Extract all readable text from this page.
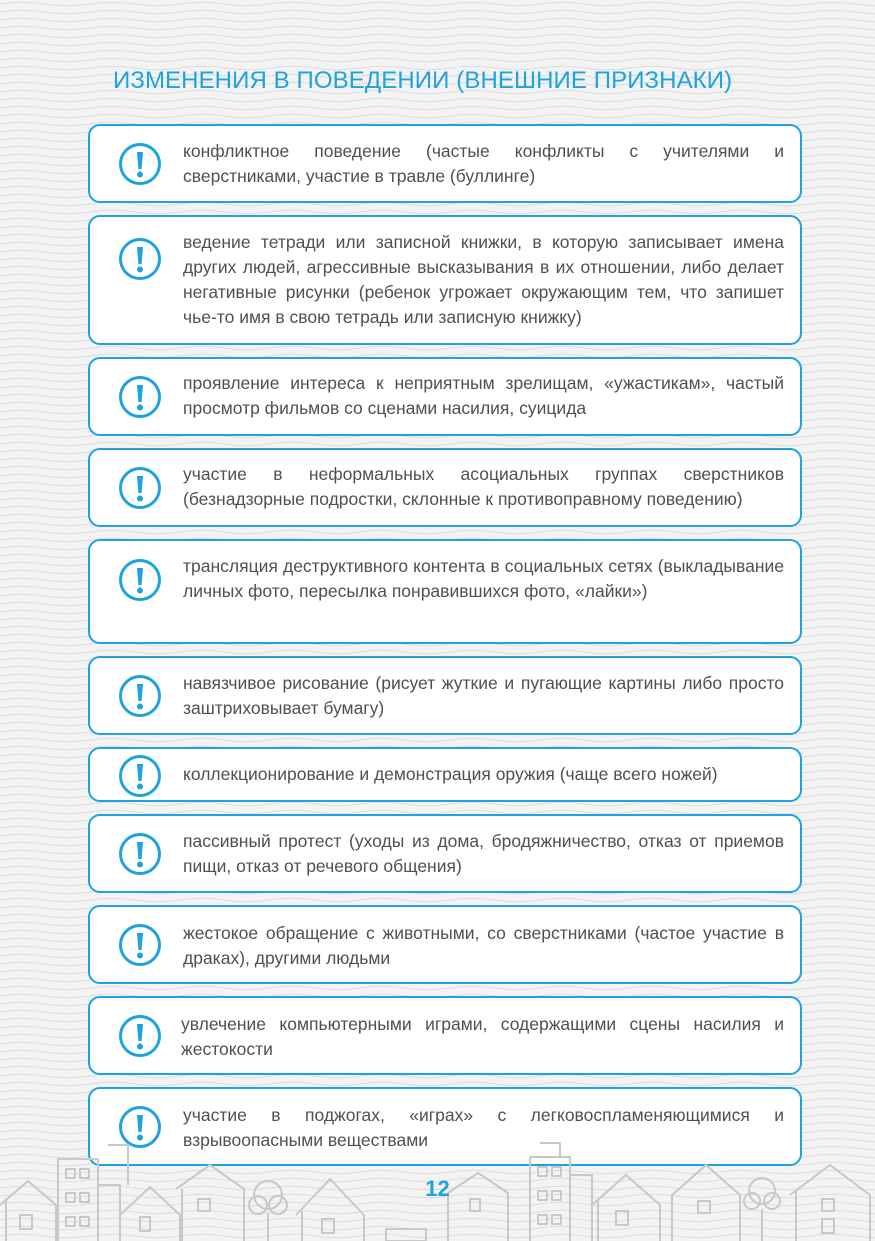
ИЗМЕНЕНИЯ В ПОВЕДЕНИИ (ВНЕШНИЕ ПРИЗНАКИ)
конфликтное поведение (частые конфликты с учителями и сверстниками, участие в травле (буллинге)
ведение тетради или записной книжки, в которую записывает имена других людей, агрессивные высказывания в их отношении, либо делает негативные рисунки (ребенок угрожает окружающим тем, что запишет чье-то имя в свою тетрадь или записную книжку)
проявление интереса к неприятным зрелищам, «ужастикам», частый просмотр фильмов со сценами насилия, суицида
участие в неформальных асоциальных группах сверстников (безнадзорные подростки, склонные к противоправному поведению)
трансляция деструктивного контента в социальных сетях (выкладывание личных фото, пересылка понравившихся фото, «лайки»)
навязчивое рисование (рисует жуткие и пугающие картины либо просто заштриховывает бумагу)
коллекционирование и демонстрация оружия (чаще всего ножей)
пассивный протест (уходы из дома, бродяжничество, отказ от приемов пищи, отказ от речевого общения)
жестокое обращение с животными, со сверстниками (частое участие в драках), другими людьми
увлечение компьютерными играми, содержащими сцены насилия и жестокости
участие в поджогах, «играх» с легковоспламеняющимися и взрывоопасными веществами
12
